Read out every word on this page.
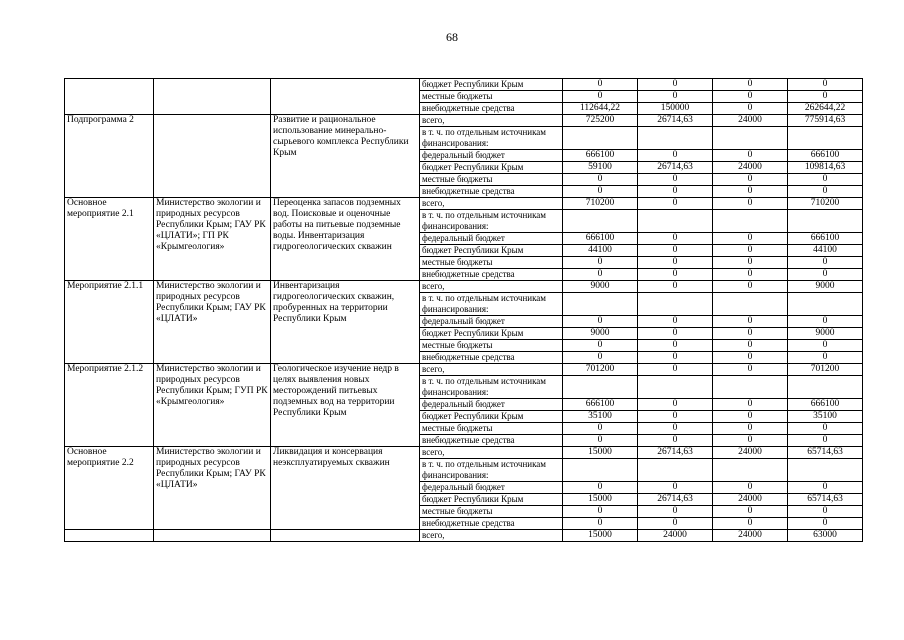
68
			бюджет Республики Крым	0	0	0	0
			местные бюджеты	0	0	0	0
			внебюджетные средства	112644,22	150000	0	262644,22
Подпрограмма 2		Развитие и рациональное использование минерально-сырьевого комплекса Республики Крым	всего,	725200	26714,63	24000	775914,63
			в т. ч. по отдельным источникам финансирования:				
			федеральный бюджет	666100	0	0	666100
			бюджет Республики Крым	59100	26714,63	24000	109814,63
			местные бюджеты	0	0	0	0
			внебюджетные средства	0	0	0	0
Основное мероприятие 2.1	Министерство экологии и природных ресурсов Республики Крым; ГАУ РК «ЦЛАТИ»; ГП РК «Крымгеология»	Переоценка запасов подземных вод. Поисковые и оценочные работы на питьевые подземные воды. Инвентаризация гидрогеологических скважин	всего,	710200	0	0	710200
			в т. ч. по отдельным источникам финансирования:				
			федеральный бюджет	666100	0	0	666100
			бюджет Республики Крым	44100	0	0	44100
			местные бюджеты	0	0	0	0
			внебюджетные средства	0	0	0	0
Мероприятие 2.1.1	Министерство экологии и природных ресурсов Республики Крым; ГАУ РК «ЦЛАТИ»	Инвентаризация гидрогеологических скважин, пробуренных на территории Республики Крым	всего,	9000	0	0	9000
			в т. ч. по отдельным источникам финансирования:				
			федеральный бюджет	0	0	0	0
			бюджет Республики Крым	9000	0	0	9000
			местные бюджеты	0	0	0	0
			внебюджетные средства	0	0	0	0
Мероприятие 2.1.2	Министерство экологии и природных ресурсов Республики Крым; ГУП РК «Крымгеология»	Геологическое изучение недр в целях выявления новых месторождений питьевых подземных вод на территории Республики Крым	всего,	701200	0	0	701200
			в т. ч. по отдельным источникам финансирования:				
			федеральный бюджет	666100	0	0	666100
			бюджет Республики Крым	35100	0	0	35100
			местные бюджеты	0	0	0	0
			внебюджетные средства	0	0	0	0
Основное мероприятие 2.2	Министерство экологии и природных ресурсов Республики Крым; ГАУ РК «ЦЛАТИ»	Ликвидация и консервация неэксплуатируемых скважин	всего,	15000	26714,63	24000	65714,63
			в т. ч. по отдельным источникам финансирования:				
			федеральный бюджет	0	0	0	0
			бюджет Республики Крым	15000	26714,63	24000	65714,63
			местные бюджеты	0	0	0	0
			внебюджетные средства	0	0	0	0
			всего,	15000	24000	24000	63000
